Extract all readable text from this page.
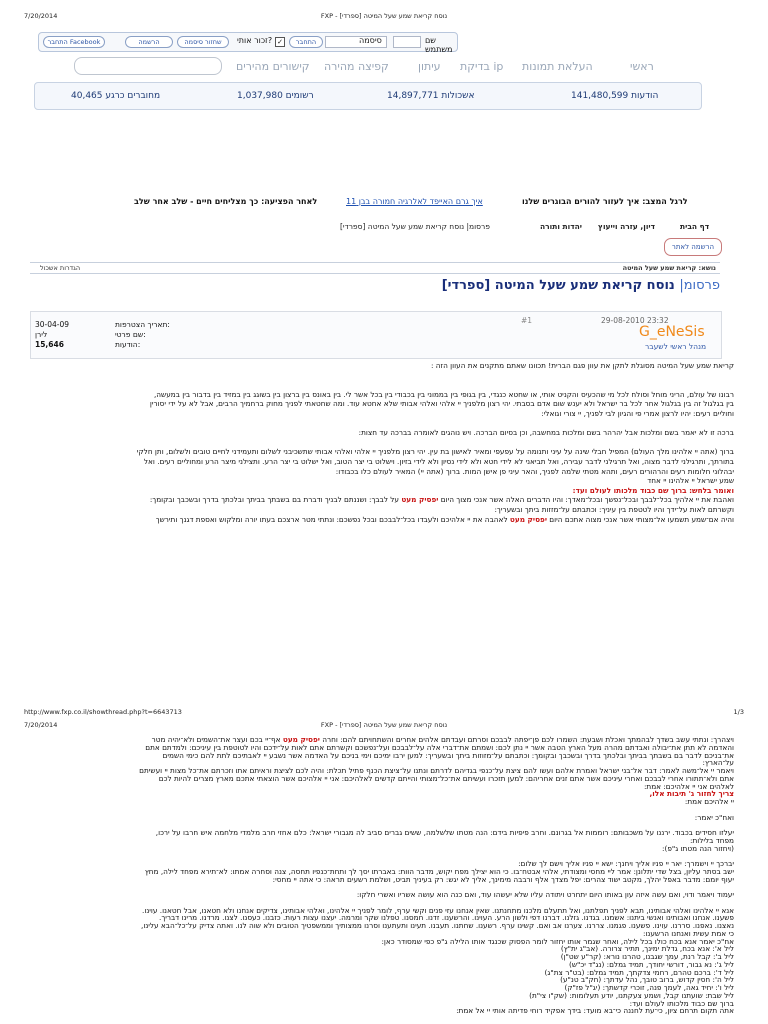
7/20/2014	FXP - נוסח קריאת שמע שעל המיטה [ספרדי]
התחבר Facebook	הרשמה	שחזור סיסמה	זכור אותי? ✓	התחבר	סיסמה	שם משתמש
קישורים מהירים קפיצה מהירה	עיתון בדיקת ip העלאת תמונות	ראשי
40,465 מחוברים כרגע	1,037,980 רשומים	14,897,771 אשכולות	141,480,599 הודעות
לאחר הפציעה: כך מצליחים חיים - שלב אחר שלב	איך גרם האייפד לאלרגיה חמורה בבן 11	לרגל המצב: איך לעזור להורים הבוגרים שלנו
פרסומ| נוסח קריאת שמע שעל המיטה [ספרדי]	יהדות ותורה דיון, עזרה וייעוץ	דף הבית
הרשמה לאתר
הגדרות אשכול	נושא: קריאת שמע שעל המיטה
פרסומ| נוסח קריאת שמע שעל המיטה [ספרדי]
#1	29-08-2010 23:32
G_eNeSis
מנהל ראשי לשעבר
תאריך הצטרפות:
30-04-09
שם פרטי:
לירן
הודעות:
15,646
קריאת שמע שעל המיטה מסוגלת לתקן את עוון פגם הברית! תכוונו שאתם מתקנים את העוון הזה :
רבונו של עולם, הריני מוחל וסולח לכל מי שהכעיס והקניט אותי, או שחטא כנגדי, בין בגופי בין בממוני בין בכבודי בין בכל אשר לי. בין באונס בין ברצון בין בשוגג בין במזיד בין בדבור בין במעשה,
בין בגלגול זה בין בגלגול אחר לכל בר ישראל ולא יענש שום אדם בסבתי. יהי רצון מלפניך יי אלהי ואלהי אבותי שלא אחטא עוד. ומה שחטאתי לפניך מחוק ברחמיך הרבים, אבל לא על ידי יסורין
וחוליים רעים: יהיו לרצון אמרי פי והגיון לבי לפניך, יי צורי וגואלי:
ברכה זו לא יאמר בשם ומלכות אבל יהרהר בשם ומלכות במחשבה, וכן בסיום הברכה. ויש נוהגים לאומרה בברכה עד חצות:
ברוך (אתה יי אלהינו מלך העולם) המפיל חבלי שינה על עיני ותנומה על עפעפי ומאיר לאישון בת עין. יהי רצון מלפניך יי אלהי ואלהי אבותי שתשכיבני לשלום ותעמידני לחיים טובים ולשלום, ותן חלקי
בתורתך, ותרגילני לדבר מצוה, ואל תרגילני לדבר עבירה, ואל תביאני לא לידי חטא ולא לידי נסיון ולא לידי בזיון. וישלוט בי יצר הטוב, ואל ישלוט בי יצר הרע. ותצילני מיצר הרע ומחוליים רעים. ואל
יבהלוני חלומות רעים והרהורים רעים, ותהא מטתי שלמה לפניך, והאר עיני פן אישן המות. ברוך (אתה יי) המאיר לעולם כלו בכבודו:
שמע ישראל יי אלהינו יי אחד
ואומר בלחש: ברוך שם כבוד מלכותו לעולם ועד:
ואהבת את יי אלהיך בכל־לבבך ובכל־נפשך ובכל־מאדך: והיו הדברים האלה אשר אנכי מצוך היום יפסיק מעט על לבבך: ושננתם לבניך ודברת בם בשבתך בביתך ובלכתך בדרך ובשכבך ובקומך:
וקשרתם לאות על־ידך והיו לטטפת בין עיניך: וכתבתם על־מזזות ביתך ובשעריך:
והיה אם־שמע תשמעו אל־מצותי אשר אנכי מצוה אתכם היום יפסיק מעט לאהבה את יי אלהיכם ולעבדו בכל־לבבכם ובכל נפשכם: ונתתי מטר ארצכם בעתו יורה ומלקוש ואספת דגנך ותירשך
http://www.fxp.co.il/showthread.php?t=6643713	1/3
7/20/2014	FXP - נוסח קריאת שמע שעל המיטה [ספרדי]
ויצהרך: ונתתי עשב בשדך לבהמתך ואכלת ושבעת: השמרו לכם פן־יפתה לבבכם וסרתם ועבדתם אלהים אחרים והשתחויתם להם: וחרה יפסיק מעט אף־יי בכם ועצר את־השמים ולא־יהיה מטר
והאדמה לא תתן את־יבולה ואבדתם מהרה מעל הארץ הטבה אשר יי נתן לכם: ושמתם את־דברי אלה על־לבבכם ועל־נפשכם וקשרתם אתם לאות על־ידכם והיו לטוטפת בין עיניכם: ולמדתם אתם
את־בניכם לדבר בם בשבתך בביתך ובלכתך בדרך ובשכבך ובקומך: וכתבתם על־מזוזות ביתך ובשעריך: למען ירבו ימיכם וימי בניכם על האדמה אשר נשבע יי לאבתיכם לתת להם כימי השמים
על־הארץ:
ויאמר יי אל־משה לאמר: דבר אל־בני ישראל ואמרת אלהם ועשו להם ציצת על־כנפי בגדיהם לדרתם ונתנו על־ציצת הכנף פתיל תכלת: והיה לכם לציצת וראיתם אתו וזכרתם את־כל מצות יי ועשיתם
אתם ולא־תתורו אחרי לבבכם ואחרי עיניכם אשר אתם זנים אחריהם: למען תזכרו ועשיתם את־כל־מצותי והייתם קדשים לאלהיכם: אני יי אלהיכם אשר הוצאתי אתכם מארץ מצרים להיות לכם
לאלהים אני יי אלהיכם: אמת:
צריך לחזור ג' תיבות אלו,
יי אלהיכם אמת:
ואח"כ יאמר:
יעלזו חסידים בכבוד. ירננו על משכבותם: רוממות אל בגרונם. וחרב פיפיות בידם: הנה מטתו שלשלמה, ששים גברים סביב לה מגבורי ישראל: כלם אחזי חרב מלמדי מלחמה איש חרבו על ירכו,
מפחד בלילות:
(ויחזור הנה מטתו ג"פ):
יברכך יי וישמרך: יאר יי פניו אליך ויחנך: ישא יי פניו אליך וישם לך שלום:
ישב בסתר עליון, בצל שדי יתלונן: אמר ליי מחסי ומצודתי, אלהי אבטח־בו. כי הוא יצילך מפח יקוש, מדבר הוות: באברתו יסך לך ותחת־כנפיו תחסה, צנה וסחרה אמתו: לא־תירא מפחד לילה, מחץ
יעוף יומם: מדבר באפל יהלך, מקטב ישוד צהרים: יפל מצדך אלף ורבבה מימינך, אליך לא יגש: רק בעיניך תביט, ושלמת רשעים תראה: כי אתה יי מחסי:
יעמוד ויאמר ודוי, ואם עשה איזה עון באותו היום יתחרט ויתודה עליו שלא יעשהו עוד, ואם כנה הוא עושה אשריו ואשרי חלקו:
אנא יי אלהינו ואלהי אבותינו, תבא לפניך תפלתנו, ואל תתעלם מלכנו מתחנתנו. שאין אנחנו עזי פנים וקשי ערף, לומר לפניך יי אלהינו, ואלהי אבותינו, צדיקים אנחנו ולא חטאנו, אבל חטאנו. עוינו.
פשענו. אנחנו ואבותינו ואנשי ביתנו: אשמנו. בגדנו. גזלנו. דברנו דפי ולשון הרע. העוינו. והרשענו. זדנו. חמסנו. טפלנו שקר ומרמה. יעצנו עצות רעות. כזבנו. כעסנו. לצנו. מרדנו. מרינו דבריך.
נאצנו. נאפנו. סררנו. עוינו. פשענו. פגמנו. צררנו. צערנו אב ואם. קשינו ערף. רשענו. שחתנו. תעבנו. תעינו ותעתענו וסרנו ממצותיך וממשפטיך הטובים ולא שוה לנו. ואתה צדיק על־כל־הבא עלינו,
כי אמת עשית ואנחנו הרשענו:
אח"כ יאמר אנא בכח כולו בכל לילה, ואחר שגמר אותו יחזור לומר הפסוק שכנגד אותו הלילה ג"פ כפי שמסודר כאן:
ליל א': אנא בכח, גדלת ימינך, תתיר צרורה. (אב"ג ית"ץ)
ליל ב': קבל רנת, עמך שגבנו, טהרנו נורא: (קר"ע שט"ן)
ליל ג': נא גבור, דורשי יחודך, תמיד גמלם: (נג"ד יכ"ש)
ליל ד': ברכם טהרם, רחמי צדקתך, תמיד גמלם: (בט"ר צת"ג)
ליל ה': חסין קדוש, ברוב טובך, נהל עדתך: (חק"ב טנ"ע)
ליל ו': יחיד גאה, לעמך פנה, זוכרי קדשתך: (יג"ל פז"ק)
ליל שבת: שועתנו קבל, ושמע צעקתנו, יודע תעלומות: (שק"ו צי"ת)
ברוך שם כבוד מלכותו לעולם ועד:
אתה תקום תרחם ציון, כי־עת לחננה כי־בא מועד: בידך אפקיד רוחי פדיתה אותי יי אל אמת:
